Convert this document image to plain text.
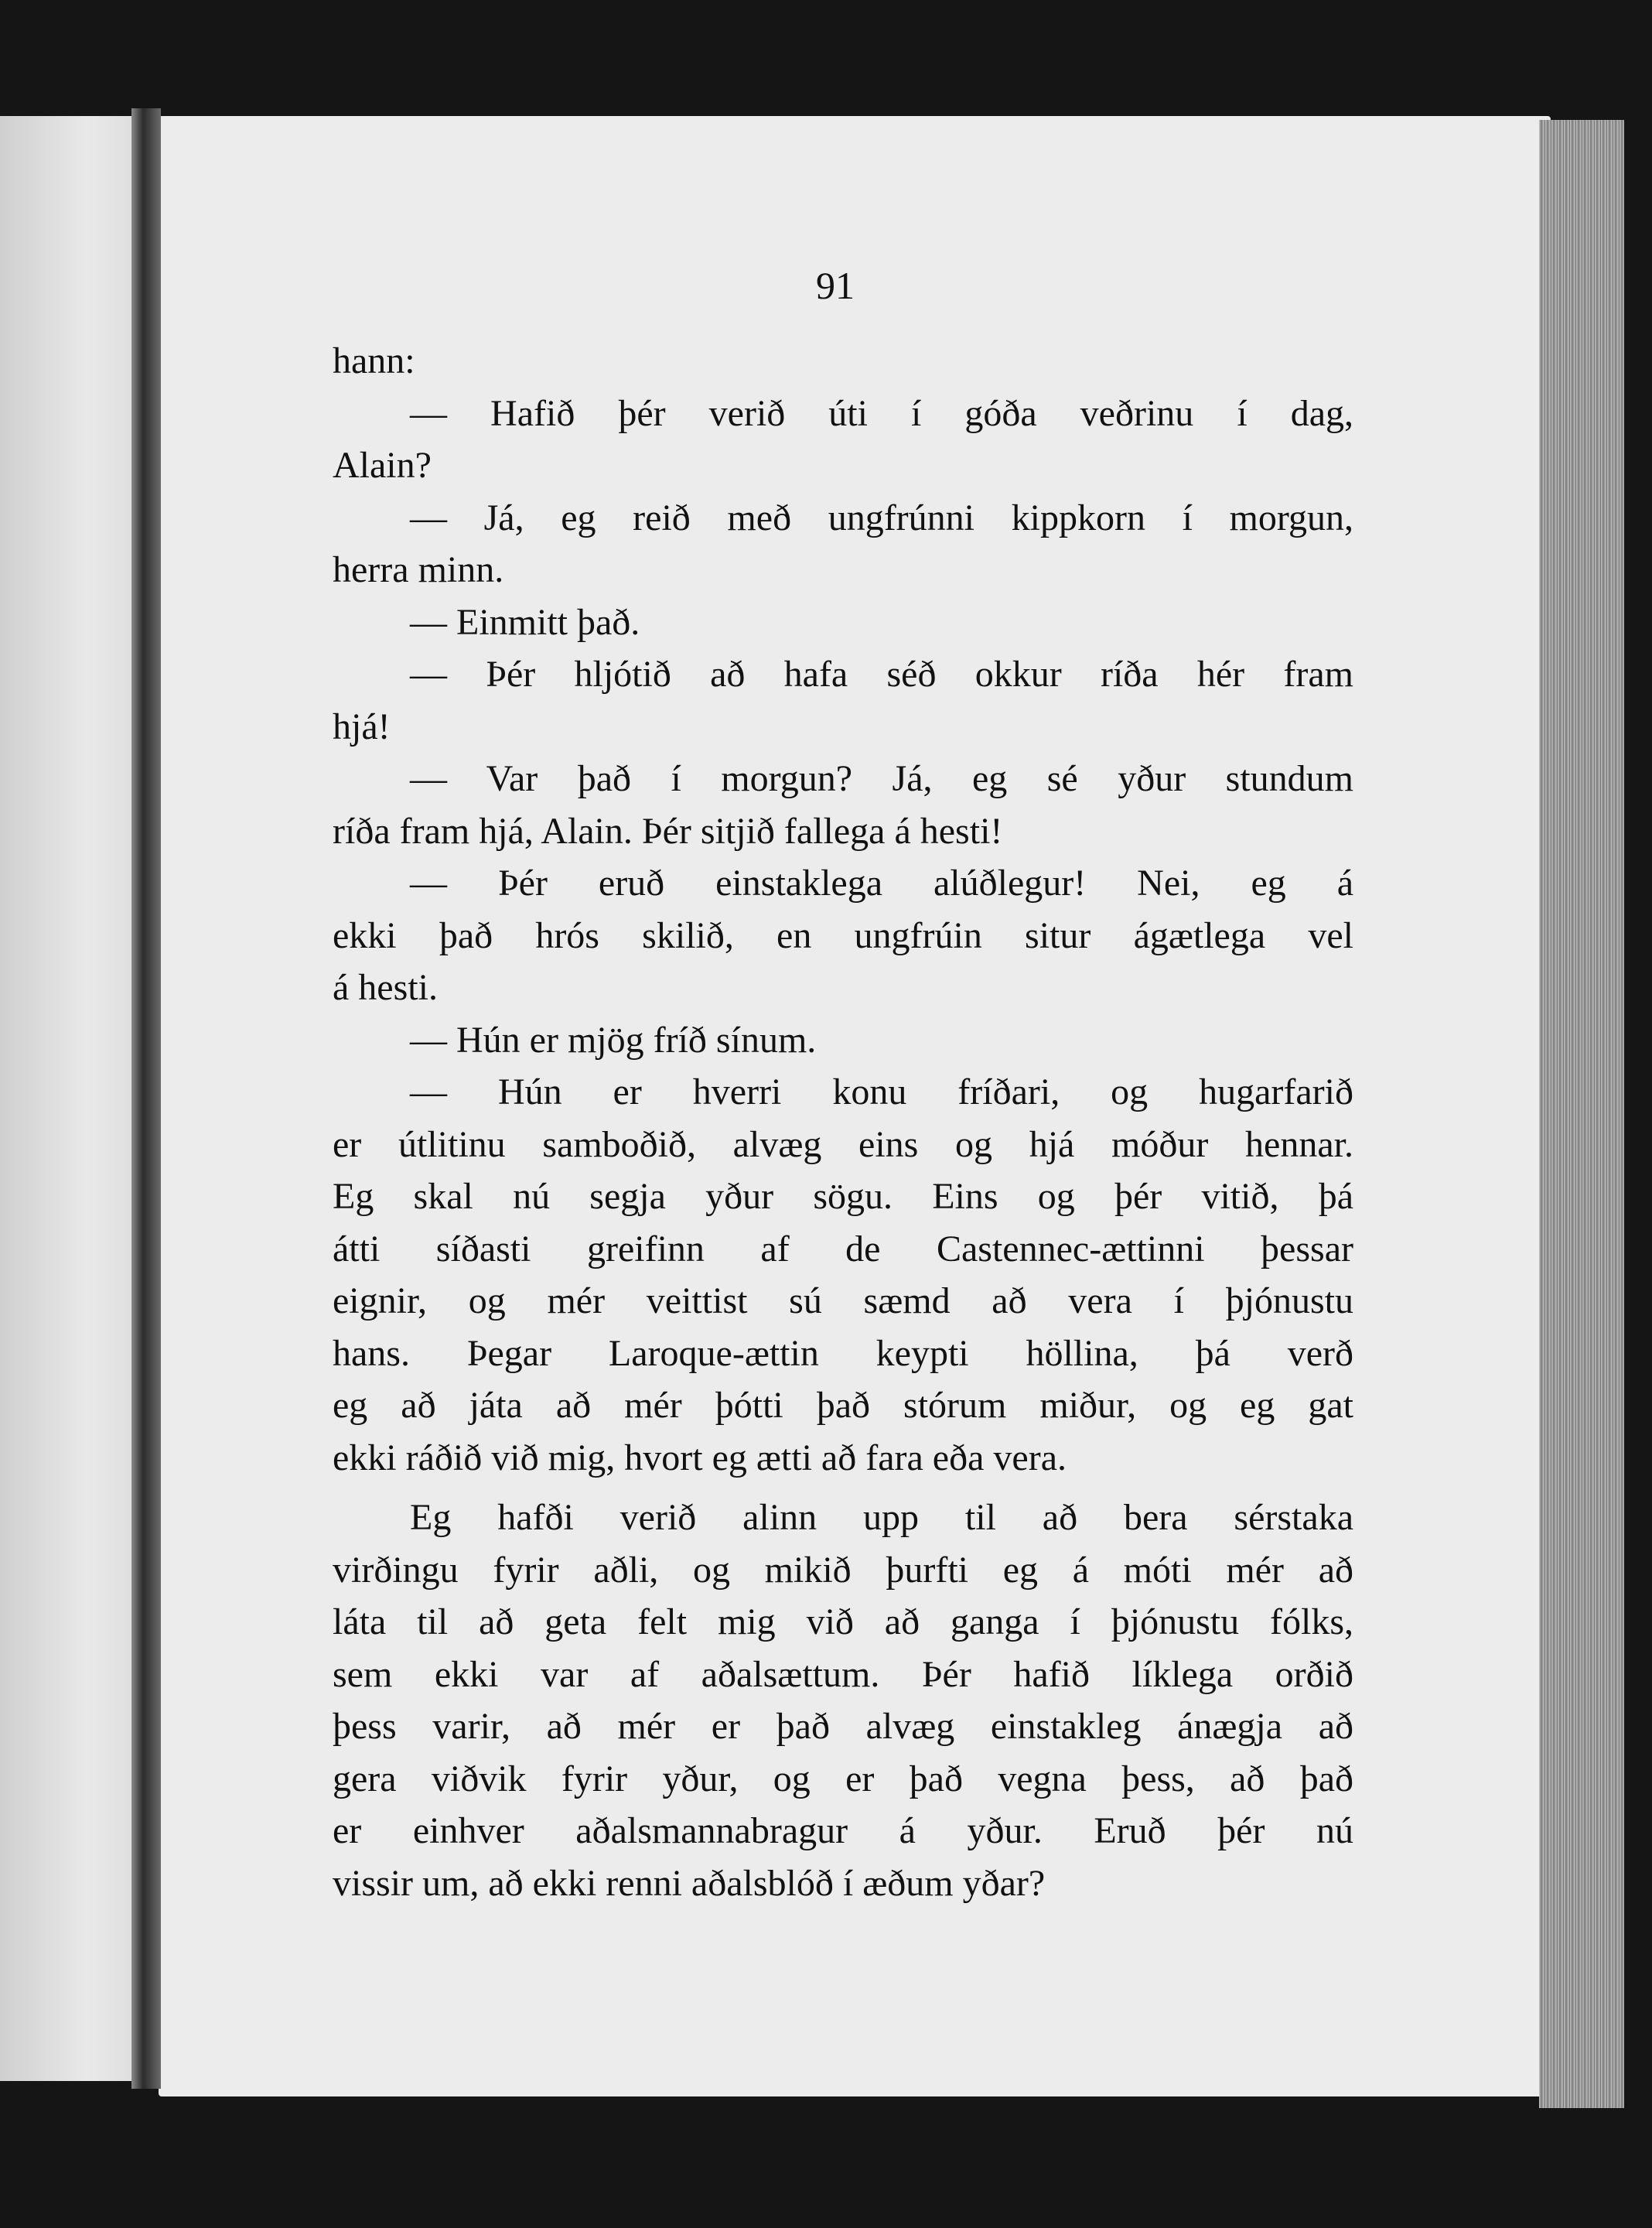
91

hann:

— Hafið þér verið úti í góða veðrinu í dag,

Alain?

— Já, eg reið með ungfrúnni kippkorn í morgun,

herra minn.

— Einmitt það.

— Þér hljótið að hafa séð okkur ríða hér fram

hjá!

— Var það í morgun? Já, eg sé yður stundum

ríða fram hjá, Alain. Þér sitjið fallega á hesti!

— Þér eruð einstaklega alúðlegur! Nei, eg á

ekki það hrós skilið, en ungfrúin situr ágætlega vel

á hesti.

— Hún er mjög fríð sínum.

— Hún er hverri konu fríðari, og hugarfarið

er útlitinu samboðið, alvæg eins og hjá móður hennar.

Eg skal nú segja yður sögu. Eins og þér vitið, þá

átti síðasti greifinn af de Castennec-ættinni þessar

eignir, og mér veittist sú sæmd að vera í þjónustu

hans. Þegar Laroque-ættin keypti höllina, þá verð

eg að játa að mér þótti það stórum miður, og eg gat

ekki ráðið við mig, hvort eg ætti að fara eða vera.

Eg hafði verið alinn upp til að bera sérstaka

virðingu fyrir aðli, og mikið þurfti eg á móti mér að

láta til að geta felt mig við að ganga í þjónustu fólks,

sem ekki var af aðalsættum. Þér hafið líklega orðið

þess varir, að mér er það alvæg einstakleg ánægja að

gera viðvik fyrir yður, og er það vegna þess, að það

er einhver aðalsmannabragur á yður. Eruð þér nú

vissir um, að ekki renni aðalsblóð í æðum yðar?
